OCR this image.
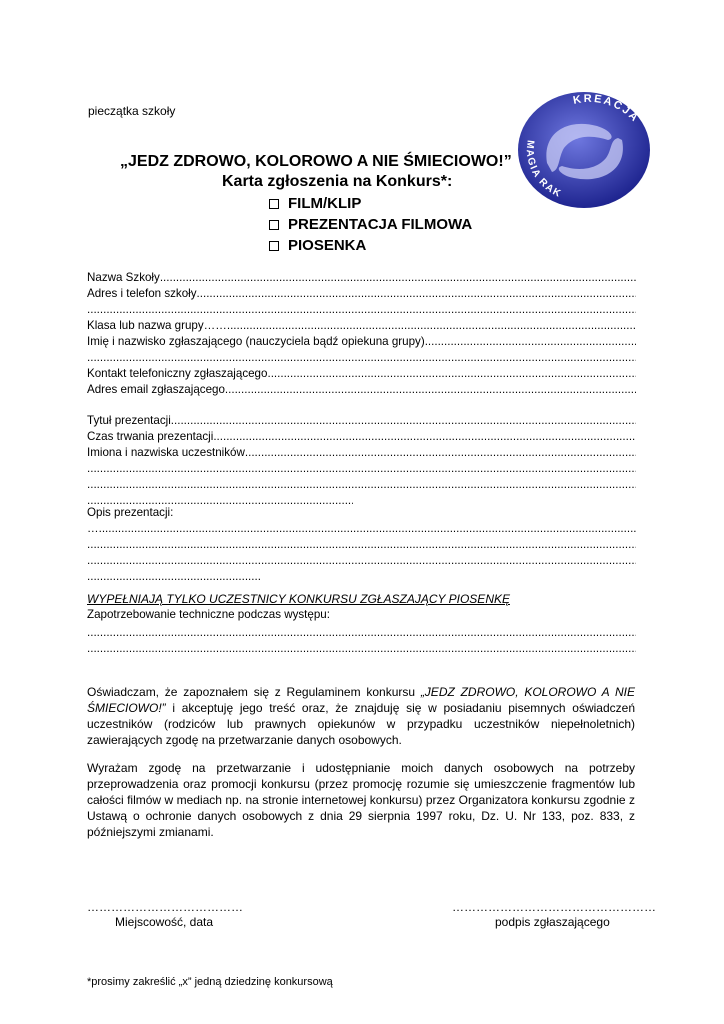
pieczątka szkoły
„JEDZ ZDROWO, KOLOROWO A NIE ŚMIECIOWO!”
Karta zgłoszenia na Konkurs*:
FILM/KLIP
PREZENTACJA FILMOWA
PIOSENKA
KREACJA
MAGIA RAK
Nazwa Szkoły
.....
Adres i telefon szkoły
.....
.....
Klasa lub nazwa grupy……
.....
Imię i nazwisko zgłaszającego (nauczyciela bądź opiekuna grupy)
.....
.....
Kontakt telefoniczny zgłaszającego
.....
Adres email zgłaszającego
.....
Tytuł prezentacji
.....
Czas trwania prezentacji
.....
Imiona i nazwiska uczestników
.....
.....
.....
.....
Opis prezentacji:
…
.....
.....
.....
.....
WYPEŁNIAJĄ TYLKO UCZESTNICY KONKURSU ZGŁASZAJĄCY PIOSENKĘ
Zapotrzebowanie techniczne podczas występu:
.....
.....
Oświadczam, że zapoznałem się z Regulaminem konkursu „JEDZ ZDROWO, KOLOROWO A NIE ŚMIECIOWO!” i akceptuję jego treść oraz, że znajduję się w posiadaniu pisemnych oświadczeń uczestników (rodziców lub prawnych opiekunów w przypadku uczestników niepełnoletnich) zawierających zgodę na przetwarzanie danych osobowych.
Wyrażam zgodę na przetwarzanie i udostępnianie moich danych osobowych na potrzeby przeprowadzenia oraz promocji konkursu (przez promocję rozumie się umieszczenie fragmentów lub całości filmów w mediach np. na stronie internetowej konkursu) przez Organizatora konkursu zgodnie z Ustawą o ochronie danych osobowych z dnia 29 sierpnia 1997 roku, Dz. U. Nr 133, poz. 833, z późniejszymi zmianami.
…………………………………
Miejscowość, data
……………………………………………
podpis zgłaszającego
*prosimy zakreślić „x” jedną dziedzinę konkursową
